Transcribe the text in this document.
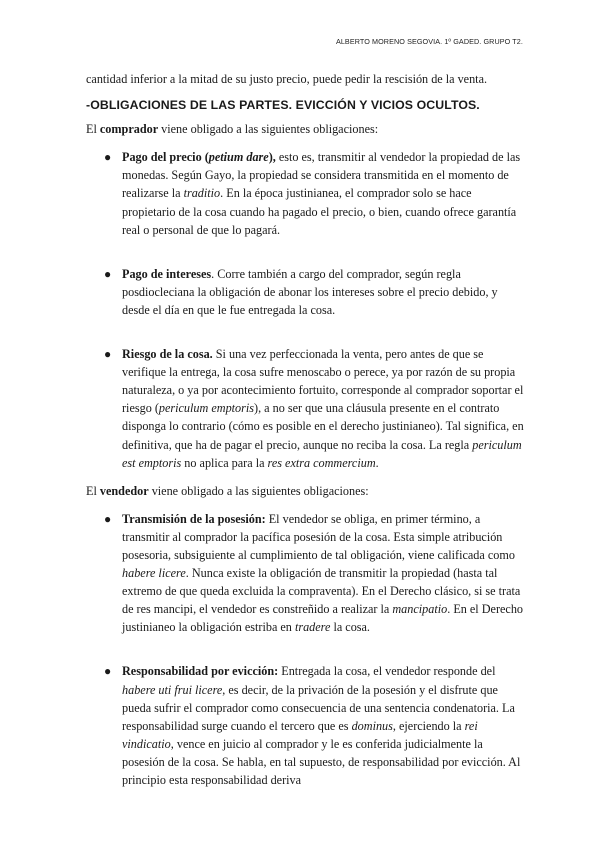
ALBERTO MORENO SEGOVIA. 1º GADED. GRUPO T2.

cantidad inferior a la mitad de su justo precio, puede pedir la rescisión de la venta.

-OBLIGACIONES DE LAS PARTES. EVICCIÓN Y VICIOS OCULTOS.

El comprador viene obligado a las siguientes obligaciones:

● Pago del precio (petium dare), esto es, transmitir al vendedor la propiedad de las monedas. Según Gayo, la propiedad se considera transmitida en el momento de realizarse la traditio. En la época justinianea, el comprador solo se hace propietario de la cosa cuando ha pagado el precio, o bien, cuando ofrece garantía real o personal de que lo pagará.
● Pago de intereses. Corre también a cargo del comprador, según regla posdiocleciana la obligación de abonar los intereses sobre el precio debido, y desde el día en que le fue entregada la cosa.
● Riesgo de la cosa. Si una vez perfeccionada la venta, pero antes de que se verifique la entrega, la cosa sufre menoscabo o perece, ya por razón de su propia naturaleza, o ya por acontecimiento fortuito, corresponde al comprador soportar el riesgo (periculum emptoris), a no ser que una cláusula presente en el contrato disponga lo contrario (cómo es posible en el derecho justinianeo). Tal significa, en definitiva, que ha de pagar el precio, aunque no reciba la cosa. La regla periculum est emptoris no aplica para la res extra commercium.

El vendedor viene obligado a las siguientes obligaciones:

● Transmisión de la posesión: El vendedor se obliga, en primer término, a transmitir al comprador la pacífica posesión de la cosa. Esta simple atribución posesoria, subsiguiente al cumplimiento de tal obligación, viene calificada como habere licere. Nunca existe la obligación de transmitir la propiedad (hasta tal extremo de que queda excluida la compraventa). En el Derecho clásico, si se trata de res mancipi, el vendedor es constreñido a realizar la mancipatio. En el Derecho justinianeo la obligación estriba en tradere la cosa.
● Responsabilidad por evicción: Entregada la cosa, el vendedor responde del habere uti frui licere, es decir, de la privación de la posesión y el disfrute que pueda sufrir el comprador como consecuencia de una sentencia condenatoria. La responsabilidad surge cuando el tercero que es dominus, ejerciendo la rei vindicatio, vence en juicio al comprador y le es conferida judicialmente la posesión de la cosa. Se habla, en tal supuesto, de responsabilidad por evicción. Al principio esta responsabilidad deriva
